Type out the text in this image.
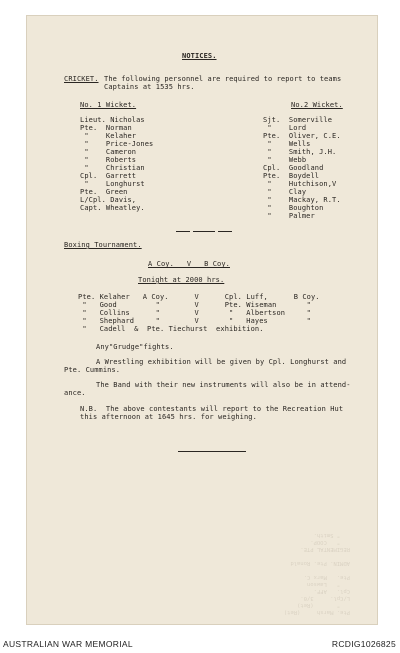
Pte. Marsh     (Ret)
"       (Ret)
L/Cpl.     3/0.
Cpl.   AFF.
"   Lawson
Pte.   Marx C.

ADMIN. Pte. Ronald

REGIMENTAL PTE.
"   COOP.
" Smith.
NOTICES.
CRICKET. The following personnel are required to report to teams
Captains at 1535 hrs.
No. 1 Wicket.	No.2 Wicket.
Lieut. Nicholas
Pte.  Norman
"    Kelaher
"    Price-Jones
"    Cameron
"    Roberts
"    Christian
Cpl.  Garrett
"    Longhurst
Pte.  Green
L/Cpl. Davis,
Capt. Wheatley.
Sjt.  Somerville
"    Lord
Pte.  Oliver, C.E.
"    Wells
"    Smith, J.H.
"    Webb
Cpl.  Goodland
Pte.  Boydell
"    Hutchison,V
"    Clay
"    Mackay, R.T.
"    Boughton
"    Palmer
Boxing Tournament.
A Coy.   V   B Coy.
Tonight at 2000 hrs.
Pte. Kelaher   A Coy.      V      Cpl. Luff,      B Coy.
"   Good         "        V      Pte. Wiseman       "
"   Collins      "        V       "   Albertson     "
"   Shephard     "        V       "   Hayes         "
"   Cadell  &  Pte. Tiechurst  exhibition.
Any"Grudge"fights.
A Wrestling exhibition will be given by Cpl. Longhurst and
Pte. Cummins.
The Band with their new instruments will also be in attend-
ance.
N.B.  The above contestants will report to the Recreation Hut
this afternoon at 1645 hrs. for weighing.
AUSTRALIAN WAR MEMORIAL	RCDIG1026825
